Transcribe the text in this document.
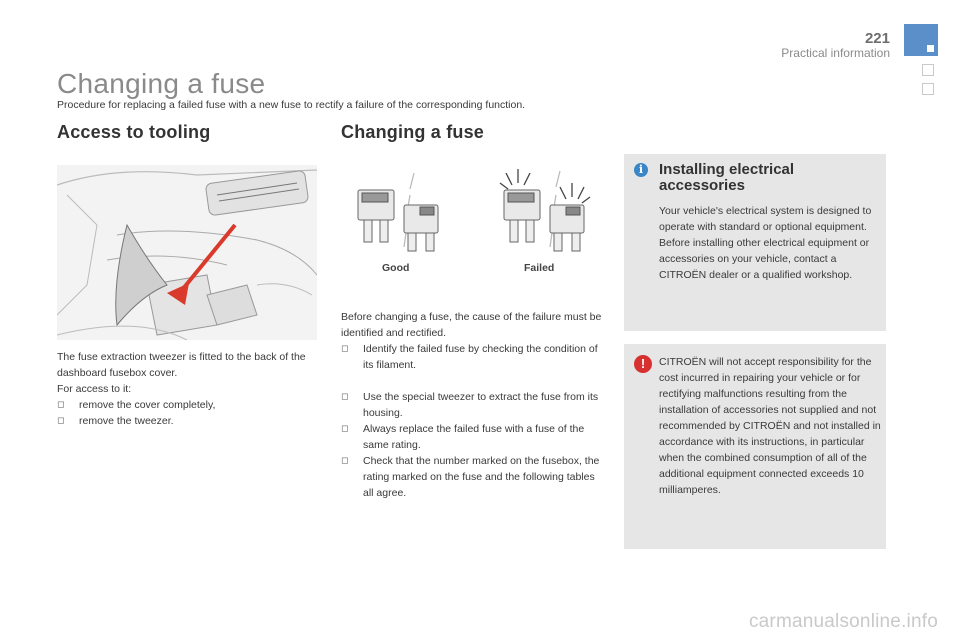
221
Practical information
Changing a fuse
Procedure for replacing a failed fuse with a new fuse to rectify a failure of the corresponding function.
Access to tooling

The fuse extraction tweezer is fitted to the back of the dashboard fusebox cover.

For access to it:

◻	remove the cover completely,
◻	remove the tweezer.
Changing a fuse
Good	Failed

Before changing a fuse, the cause of the failure must be identified and rectified.

◻	Identify the failed fuse by checking the condition of its filament.
◻	Use the special tweezer to extract the fuse from its housing.
◻	Always replace the failed fuse with a fuse of the same rating.
◻	Check that the number marked on the fusebox, the rating marked on the fuse and the following tables all agree.
i	Installing electrical accessories
Your vehicle's electrical system is designed to operate with standard or optional equipment.
Before installing other electrical equipment or accessories on your vehicle, contact a CITROËN dealer or a qualified workshop.
!	CITROËN will not accept responsibility for the cost incurred in repairing your vehicle or for rectifying malfunctions resulting from the installation of accessories not supplied and not recommended by CITROËN and not installed in accordance with its instructions, in particular when the combined consumption of all of the additional equipment connected exceeds 10 milliamperes.
carmanualsonline.info
